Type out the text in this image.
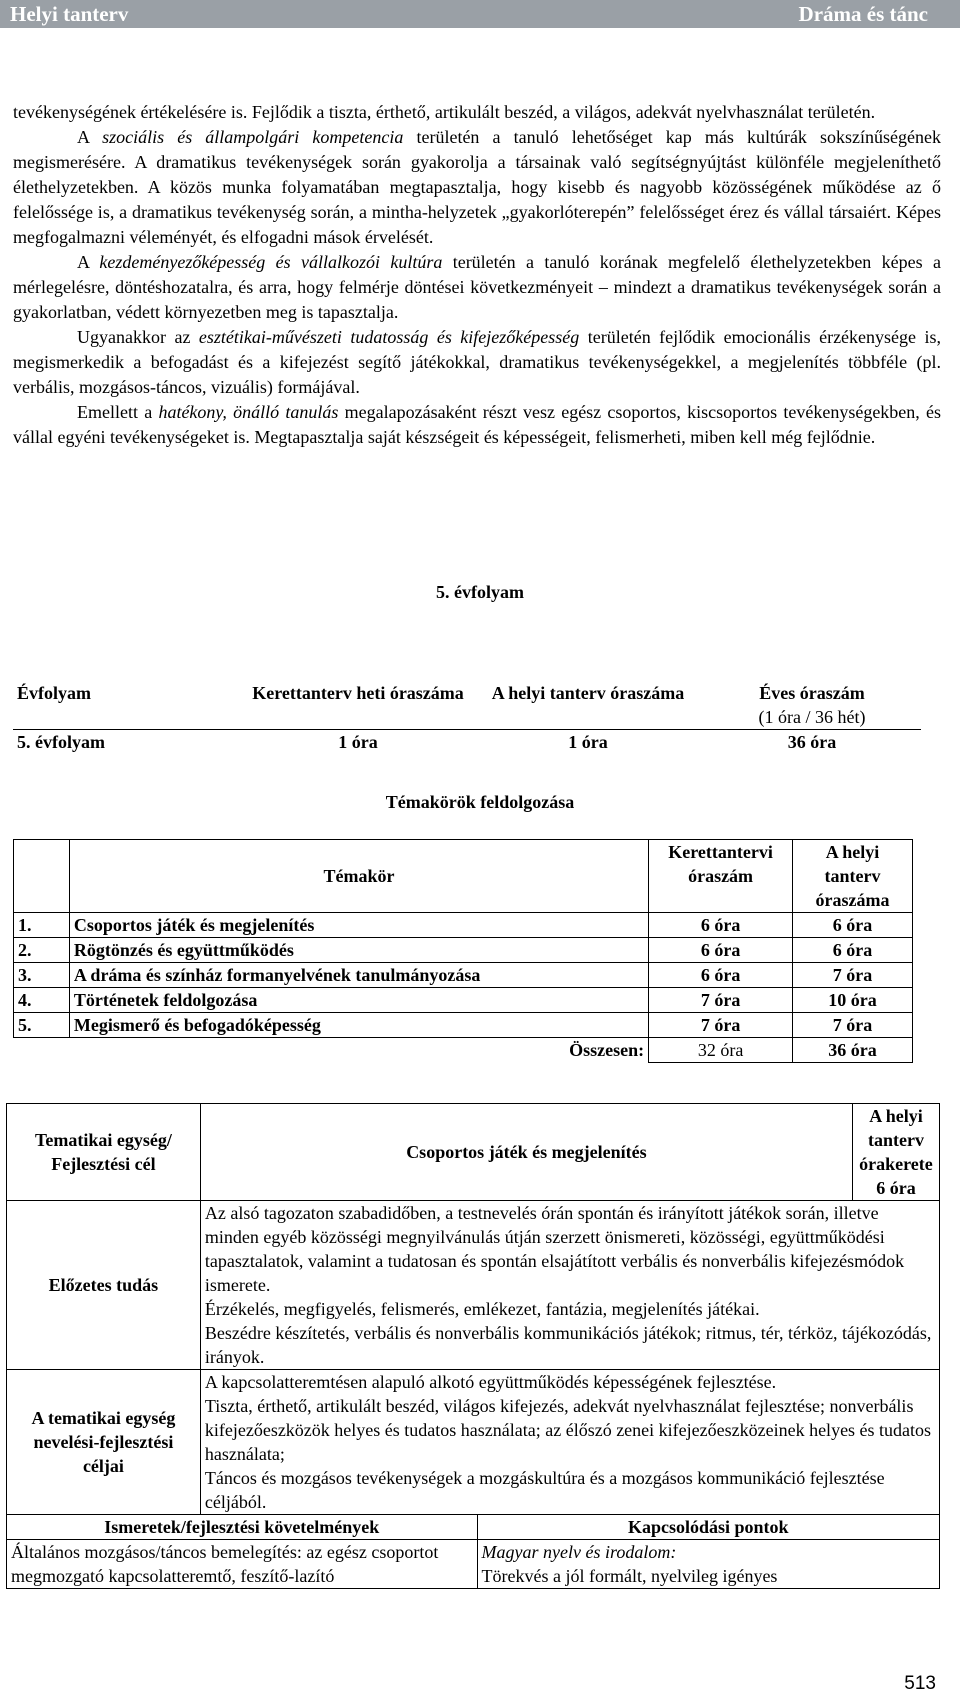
Helyi tanterv	Dráma és tánc

tevékenységének értékelésére is. Fejlődik a tiszta, érthető, artikulált beszéd, a világos, adekvát nyelvhasználat területén.

A szociális és állampolgári kompetencia területén a tanuló lehetőséget kap más kultúrák sokszínűségének megismerésére. A dramatikus tevékenységek során gyakorolja a társainak való segítségnyújtást különféle megjeleníthető élethelyzetekben. A közös munka folyamatában megtapasztalja, hogy kisebb és nagyobb közösségének működése az ő felelőssége is, a dramatikus tevékenység során, a mintha-helyzetek „gyakorlóterepén” felelősséget érez és vállal társaiért. Képes megfogalmazni véleményét, és elfogadni mások érvelését.

A kezdeményezőképesség és vállalkozói kultúra területén a tanuló korának megfelelő élethelyzetekben képes a mérlegelésre, döntéshozatalra, és arra, hogy felmérje döntései következményeit – mindezt a dramatikus tevékenységek során a gyakorlatban, védett környezetben meg is tapasztalja.

Ugyanakkor az esztétikai-művészeti tudatosság és kifejezőképesség területén fejlődik emocionális érzékenysége is, megismerkedik a befogadást és a kifejezést segítő játékokkal, dramatikus tevékenységekkel, a megjelenítés többféle (pl. verbális, mozgásos-táncos, vizuális) formájával.

Emellett a hatékony, önálló tanulás megalapozásaként részt vesz egész csoportos, kiscsoportos tevékenységekben, és vállal egyéni tevékenységeket is. Megtapasztalja saját készségeit és képességeit, felismerheti, miben kell még fejlődnie.

5. évfolyam
Évfolyam	Kerettanterv heti óraszáma	A helyi tanterv óraszáma	Éves óraszám
(1 óra / 36 hét)

5. évfolyam	1 óra	1 óra	36 óra
Témakörök feldolgozása
	Témakör	Kerettantervi óraszám	A helyi tanterv óraszáma
1.	Csoportos játék és megjelenítés	6 óra	6 óra
2.	Rögtönzés és együttműködés	6 óra	6 óra
3.	A dráma és színház formanyelvének tanulmányozása	6 óra	7 óra
4.	Történetek feldolgozása	7 óra	10 óra
5.	Megismerő és befogadóképesség	7 óra	7 óra
	Összesen:	32 óra	36 óra
Tematikai egység/ Fejlesztési cél	Csoportos játék és megjelenítés		A helyi tanterv órakerete
6 óra

Előzetes tudás	Az alsó tagozaton szabadidőben, a testnevelés órán spontán és irányított játékok során, illetve minden egyéb közösségi megnyilvánulás útján szerzett önismereti, közösségi, együttműködési tapasztalatok, valamint a tudatosan és spontán elsajátított verbális és nonverbális kifejezésmódok ismerete.
Érzékelés, megfigyelés, felismerés, emlékezet, fantázia, megjelenítés játékai.
Beszédre készítetés, verbális és nonverbális kommunikációs játékok; ritmus, tér, térköz, tájékozódás, irányok.		

A tematikai egység nevelési-fejlesztési céljai	A kapcsolatteremtésen alapuló alkotó együttműködés képességének fejlesztése.
Tiszta, érthető, artikulált beszéd, világos kifejezés, adekvát nyelvhasználat fejlesztése; nonverbális kifejezőeszközök helyes és tudatos használata; az élőszó zenei kifejezőeszközeinek helyes és tudatos használata;
Táncos és mozgásos tevékenységek a mozgáskultúra és a mozgásos kommunikáció fejlesztése céljából.		

Ismeretek/fejlesztési követelmények		Kapcsolódási pontok	
Általános mozgásos/táncos bemelegítés: az egész csoportot megmozgató kapcsolatteremtő, feszítő-lazító		Magyar nyelv és irodalom:
Törekvés a jól formált, nyelvileg igényes	
513
